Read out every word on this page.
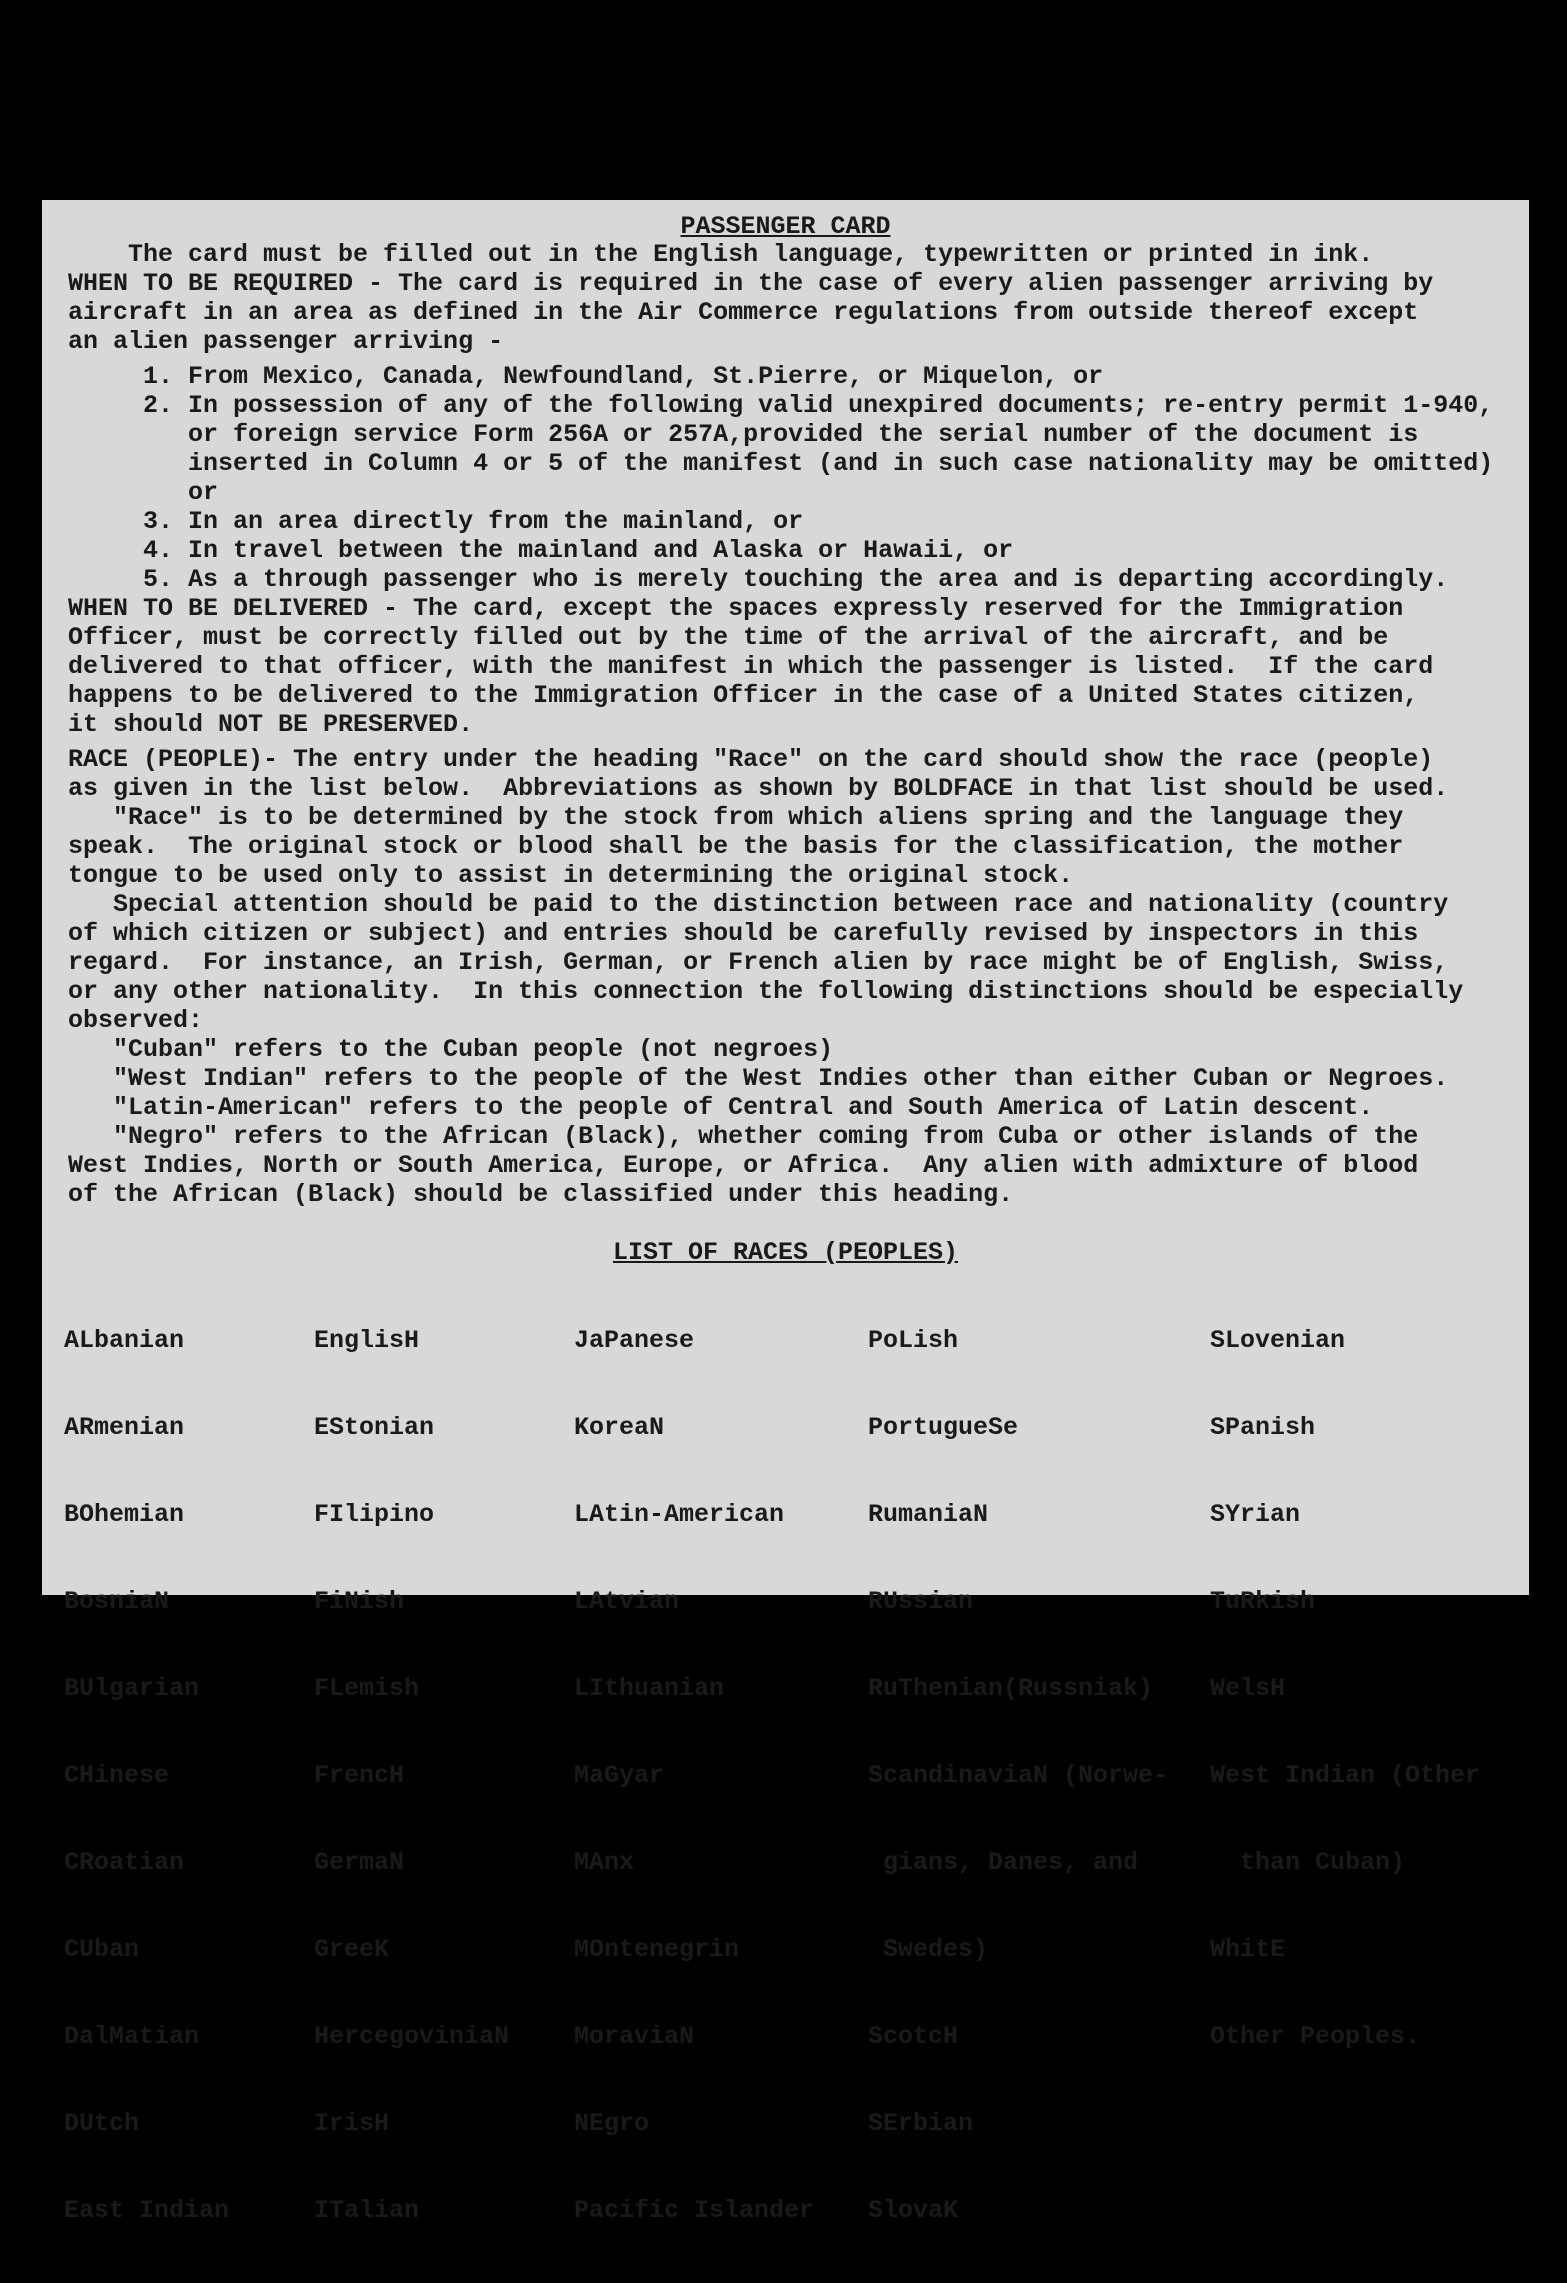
PASSENGER CARD
The card must be filled out in the English language, typewritten or printed in ink.
WHEN TO BE REQUIRED - The card is required in the case of every alien passenger arriving by
aircraft in an area as defined in the Air Commerce regulations from outside thereof except
an alien passenger arriving -
1. From Mexico, Canada, Newfoundland, St.Pierre, or Miquelon, or
2. In possession of any of the following valid unexpired documents; re-entry permit 1-940,
or foreign service Form 256A or 257A,provided the serial number of the document is
inserted in Column 4 or 5 of the manifest (and in such case nationality may be omitted)
or
3. In an area directly from the mainland, or
4. In travel between the mainland and Alaska or Hawaii, or
5. As a through passenger who is merely touching the area and is departing accordingly.
WHEN TO BE DELIVERED - The card, except the spaces expressly reserved for the Immigration
Officer, must be correctly filled out by the time of the arrival of the aircraft, and be
delivered to that officer, with the manifest in which the passenger is listed.  If the card
happens to be delivered to the Immigration Officer in the case of a United States citizen,
it should NOT BE PRESERVED.
RACE (PEOPLE)- The entry under the heading "Race" on the card should show the race (people)
as given in the list below.  Abbreviations as shown by BOLDFACE in that list should be used.
"Race" is to be determined by the stock from which aliens spring and the language they
speak.  The original stock or blood shall be the basis for the classification, the mother
tongue to be used only to assist in determining the original stock.
Special attention should be paid to the distinction between race and nationality (country
of which citizen or subject) and entries should be carefully revised by inspectors in this
regard.  For instance, an Irish, German, or French alien by race might be of English, Swiss,
or any other nationality.  In this connection the following distinctions should be especially
observed:
"Cuban" refers to the Cuban people (not negroes)
"West Indian" refers to the people of the West Indies other than either Cuban or Negroes.
"Latin-American" refers to the people of Central and South America of Latin descent.
"Negro" refers to the African (Black), whether coming from Cuba or other islands of the
West Indies, North or South America, Europe, or Africa.  Any alien with admixture of blood
of the African (Black) should be classified under this heading.
LIST OF RACES (PEOPLES)

ALbanian

ARmenian

BOhemian

BosniaN

BUlgarian

CHinese

CRoatian

CUban

DalMatian

DUtch

East Indian

EnglisH

EStonian

FIlipino

FiNish

FLemish

FrencH

GermaN

GreeK

HercegoviniaN

IrisH

ITalian

JaPanese

KoreaN

LAtin-American

LAtvian

LIthuanian

MaGyar

MAnx

MOntenegrin

MoraviaN

NEgro

Pacific Islander

PoLish

PortugueSe

RumaniaN

RUssian

RuThenian(Russniak)

ScandinaviaN (Norwe-

gians, Danes, and

Swedes)

ScotcH

SErbian

SlovaK

SLovenian

SPanish

SYrian

TuRkish

WelsH

West Indian (Other

than Cuban)

WhitE

Other Peoples.
